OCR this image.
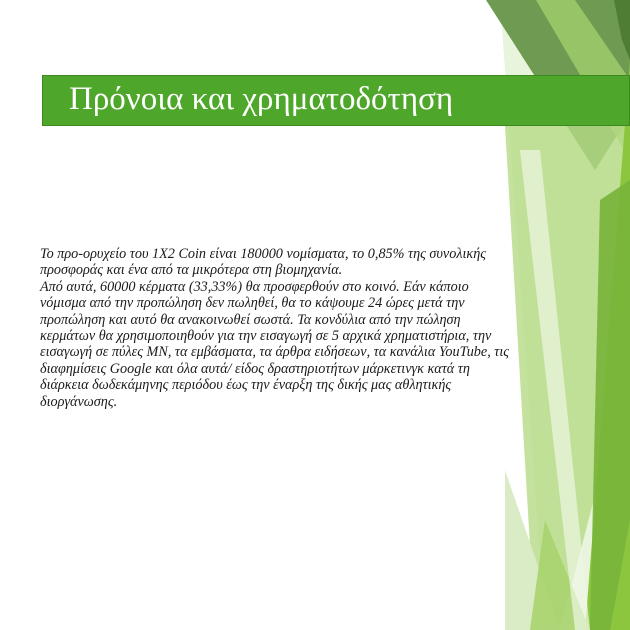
Πρόνοια και χρηματοδότηση

Το προ-ορυχείο του 1Χ2 Coin είναι 180000 νομίσματα, το 0,85% της συνολικής προσφοράς και ένα από τα μικρότερα στη βιομηχανία.

Από αυτά, 60000 κέρματα (33,33%) θα προσφερθούν στο κοινό. Εάν κάποιο νόμισμα από την προπώληση δεν πωληθεί, θα το κάψουμε 24 ώρες μετά την προπώληση και αυτό θα ανακοινωθεί σωστά. Τα κονδύλια από την πώληση κερμάτων θα χρησιμοποιηθούν για την εισαγωγή σε 5 αρχικά χρηματιστήρια, την εισαγωγή σε πύλες ΜΝ, τα εμβάσματα, τα άρθρα ειδήσεων, τα κανάλια YouTube, τις διαφημίσεις Google και όλα αυτά/ είδος δραστηριοτήτων μάρκετινγκ κατά τη διάρκεια δωδεκάμηνης περιόδου έως την έναρξη της δικής μας αθλητικής διοργάνωσης.
